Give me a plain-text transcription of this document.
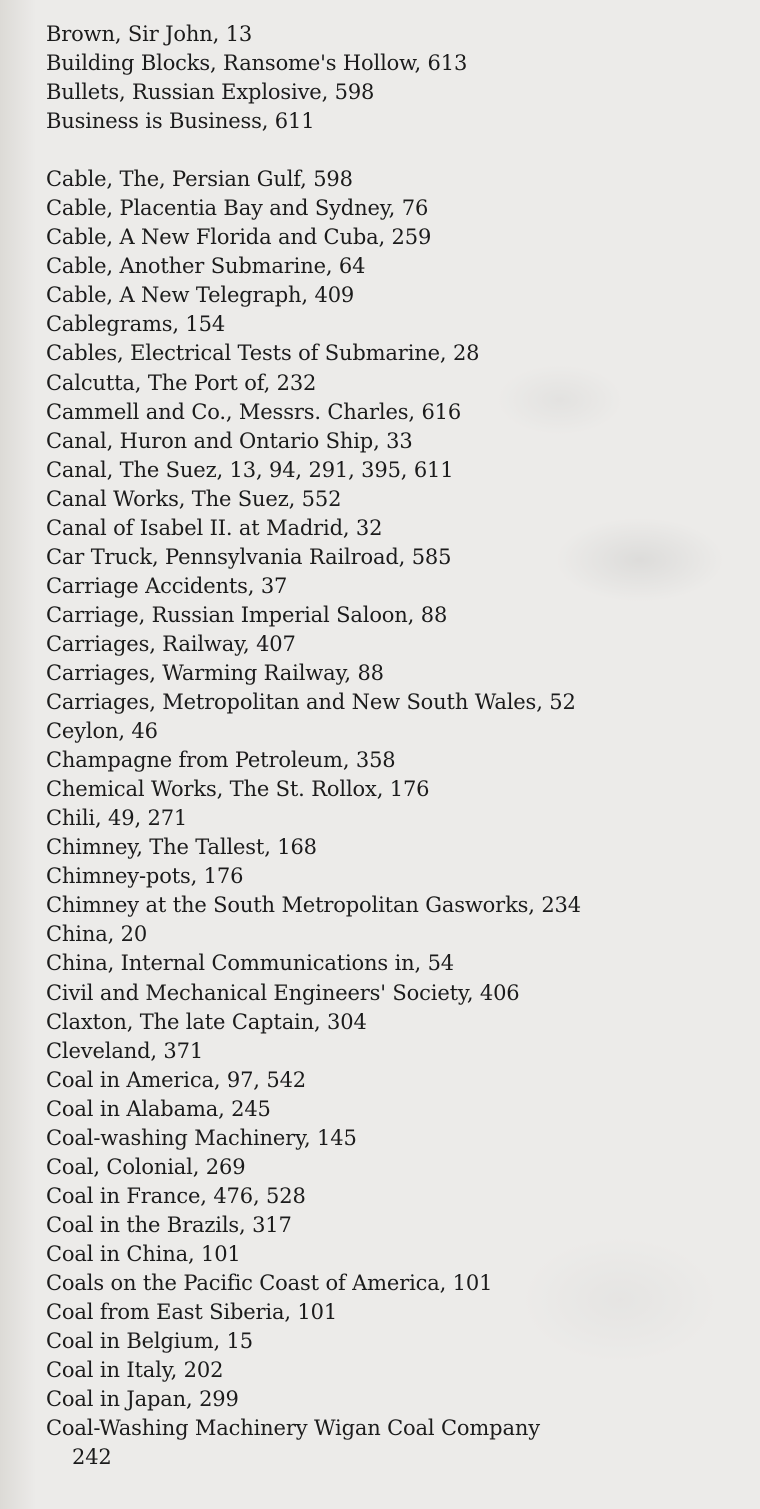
Brown, Sir John, 13
Building Blocks, Ransome's Hollow, 613
Bullets, Russian Explosive, 598
Business is Business, 611
Cable, The, Persian Gulf, 598
Cable, Placentia Bay and Sydney, 76
Cable, A New Florida and Cuba, 259
Cable, Another Submarine, 64
Cable, A New Telegraph, 409
Cablegrams, 154
Cables, Electrical Tests of Submarine, 28
Calcutta, The Port of, 232
Cammell and Co., Messrs. Charles, 616
Canal, Huron and Ontario Ship, 33
Canal, The Suez, 13, 94, 291, 395, 611
Canal Works, The Suez, 552
Canal of Isabel II. at Madrid, 32
Car Truck, Pennsylvania Railroad, 585
Carriage Accidents, 37
Carriage, Russian Imperial Saloon, 88
Carriages, Railway, 407
Carriages, Warming Railway, 88
Carriages, Metropolitan and New South Wales, 52
Ceylon, 46
Champagne from Petroleum, 358
Chemical Works, The St. Rollox, 176
Chili, 49, 271
Chimney, The Tallest, 168
Chimney-pots, 176
Chimney at the South Metropolitan Gasworks, 234
China, 20
China, Internal Communications in, 54
Civil and Mechanical Engineers' Society, 406
Claxton, The late Captain, 304
Cleveland, 371
Coal in America, 97, 542
Coal in Alabama, 245
Coal-washing Machinery, 145
Coal, Colonial, 269
Coal in France, 476, 528
Coal in the Brazils, 317
Coal in China, 101
Coals on the Pacific Coast of America, 101
Coal from East Siberia, 101
Coal in Belgium, 15
Coal in Italy, 202
Coal in Japan, 299
Coal-Washing Machinery Wigan Coal Company
242
